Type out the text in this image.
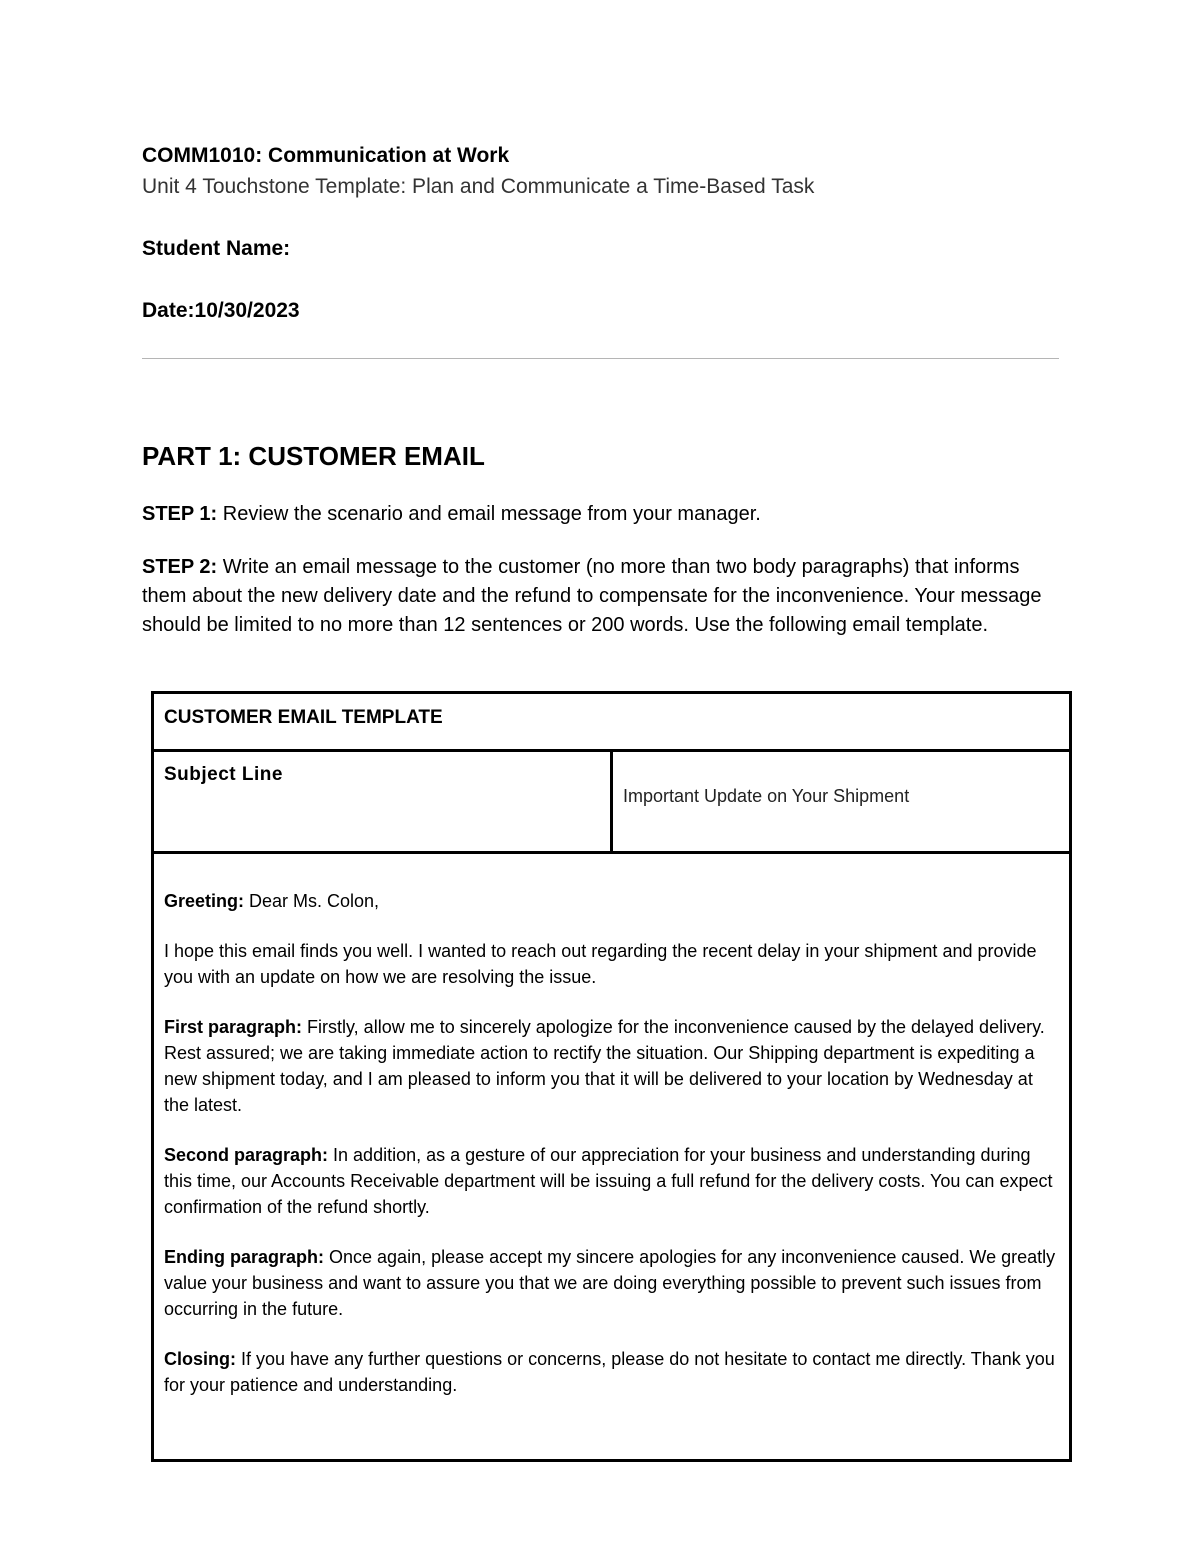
COMM1010: Communication at Work
Unit 4 Touchstone Template: Plan and Communicate a Time-Based Task
Student Name:
Date:10/30/2023
PART 1: CUSTOMER EMAIL
STEP 1: Review the scenario and email message from your manager.
STEP 2: Write an email message to the customer (no more than two body paragraphs) that informs them about the new delivery date and the refund to compensate for the inconvenience. Your message should be limited to no more than 12 sentences or 200 words. Use the following email template.
CUSTOMER EMAIL TEMPLATE
Subject Line	Important Update on Your Shipment

Greeting: Dear Ms. Colon,

I hope this email finds you well. I wanted to reach out regarding the recent delay in your shipment and provide you with an update on how we are resolving the issue.

First paragraph: Firstly, allow me to sincerely apologize for the inconvenience caused by the delayed delivery. Rest assured; we are taking immediate action to rectify the situation. Our Shipping department is expediting a new shipment today, and I am pleased to inform you that it will be delivered to your location by Wednesday at the latest.

Second paragraph: In addition, as a gesture of our appreciation for your business and understanding during this time, our Accounts Receivable department will be issuing a full refund for the delivery costs. You can expect confirmation of the refund shortly.

Ending paragraph: Once again, please accept my sincere apologies for any inconvenience caused. We greatly value your business and want to assure you that we are doing everything possible to prevent such issues from occurring in the future.

Closing: If you have any further questions or concerns, please do not hesitate to contact me directly. Thank you for your patience and understanding.
